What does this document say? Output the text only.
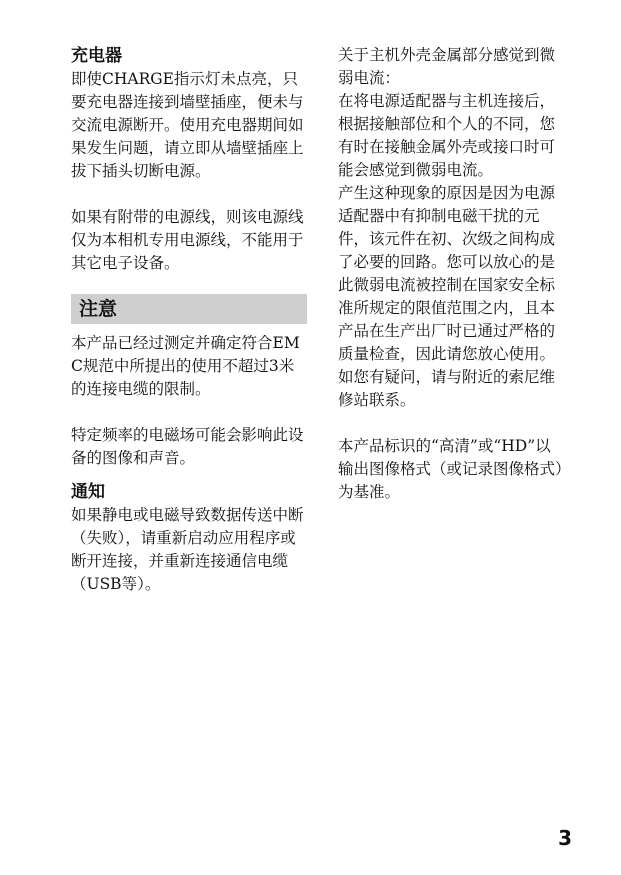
充电器

即使CHARGE指示灯未点亮，只要充电器连接到墙壁插座，便未与交流电源断开。使用充电器期间如果发生问题，请立即从墙壁插座上拔下插头切断电源。

如果有附带的电源线，则该电源线仅为本相机专用电源线，不能用于其它电子设备。

注意

本产品已经过测定并确定符合EMC规范中所提出的使用不超过3米的连接电缆的限制。

特定频率的电磁场可能会影响此设备的图像和声音。

通知

如果静电或电磁导致数据传送中断（失败），请重新启动应用程序或断开连接，并重新连接通信电缆（USB等）。

关于主机外壳金属部分感觉到微弱电流：

在将电源适配器与主机连接后，根据接触部位和个人的不同，您有时在接触金属外壳或接口时可能会感觉到微弱电流。

产生这种现象的原因是因为电源适配器中有抑制电磁干扰的元件，该元件在初、次级之间构成了必要的回路。您可以放心的是此微弱电流被控制在国家安全标准所规定的限值范围之内，且本产品在生产出厂时已通过严格的质量检查，因此请您放心使用。

如您有疑问，请与附近的索尼维修站联系。

本产品标识的“高清”或“HD”以输出图像格式（或记录图像格式）为基准。

3
